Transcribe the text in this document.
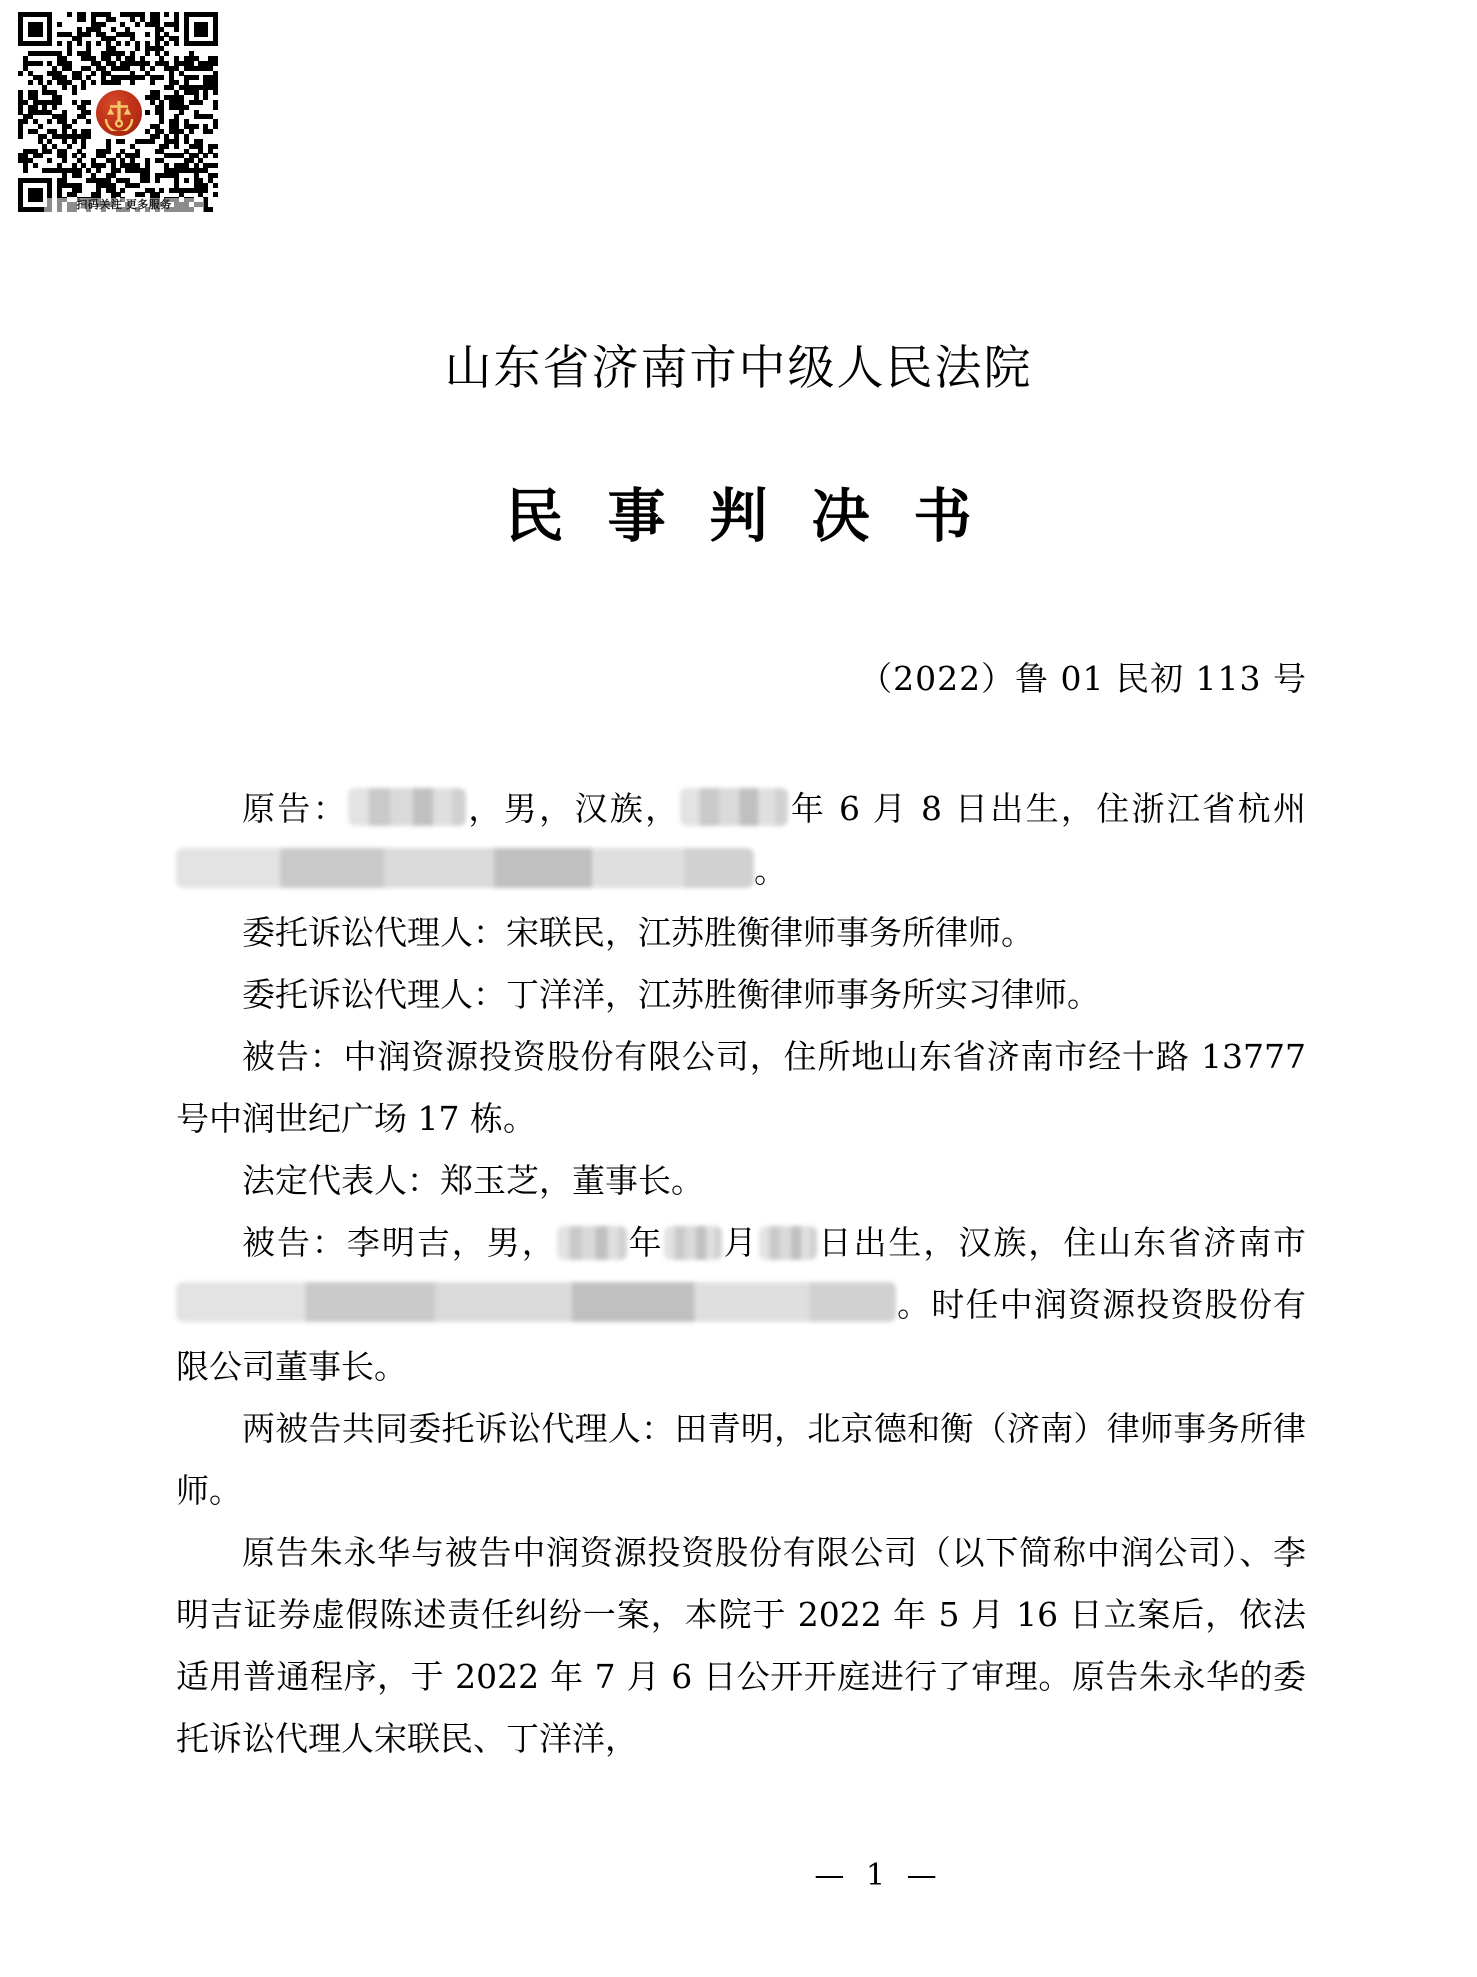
扫码关注 更多服务
山东省济南市中级人民法院
民事判决书
（2022）鲁 01 民初 113 号

原告：	，男，汉族，	年 6 月 8 日出生，住浙江省杭州。

委托诉讼代理人：宋联民，江苏胜衡律师事务所律师。

委托诉讼代理人：丁洋洋，江苏胜衡律师事务所实习律师。

被告：中润资源投资股份有限公司，住所地山东省济南市经十路 13777 号中润世纪广场 17 栋。

法定代表人：郑玉芝，董事长。

被告：李明吉，男， 年 月 日出生，汉族，住山东省济南市。时任中润资源投资股份有限公司董事长。

两被告共同委托诉讼代理人：田青明，北京德和衡（济南）律师事务所律师。

原告朱永华与被告中润资源投资股份有限公司（以下简称中润公司）、李明吉证券虚假陈述责任纠纷一案，本院于 2022 年 5 月 16 日立案后，依法适用普通程序，于 2022 年 7 月 6 日公开开庭进行了审理。原告朱永华的委托诉讼代理人宋联民、丁洋洋，

— 1 —
